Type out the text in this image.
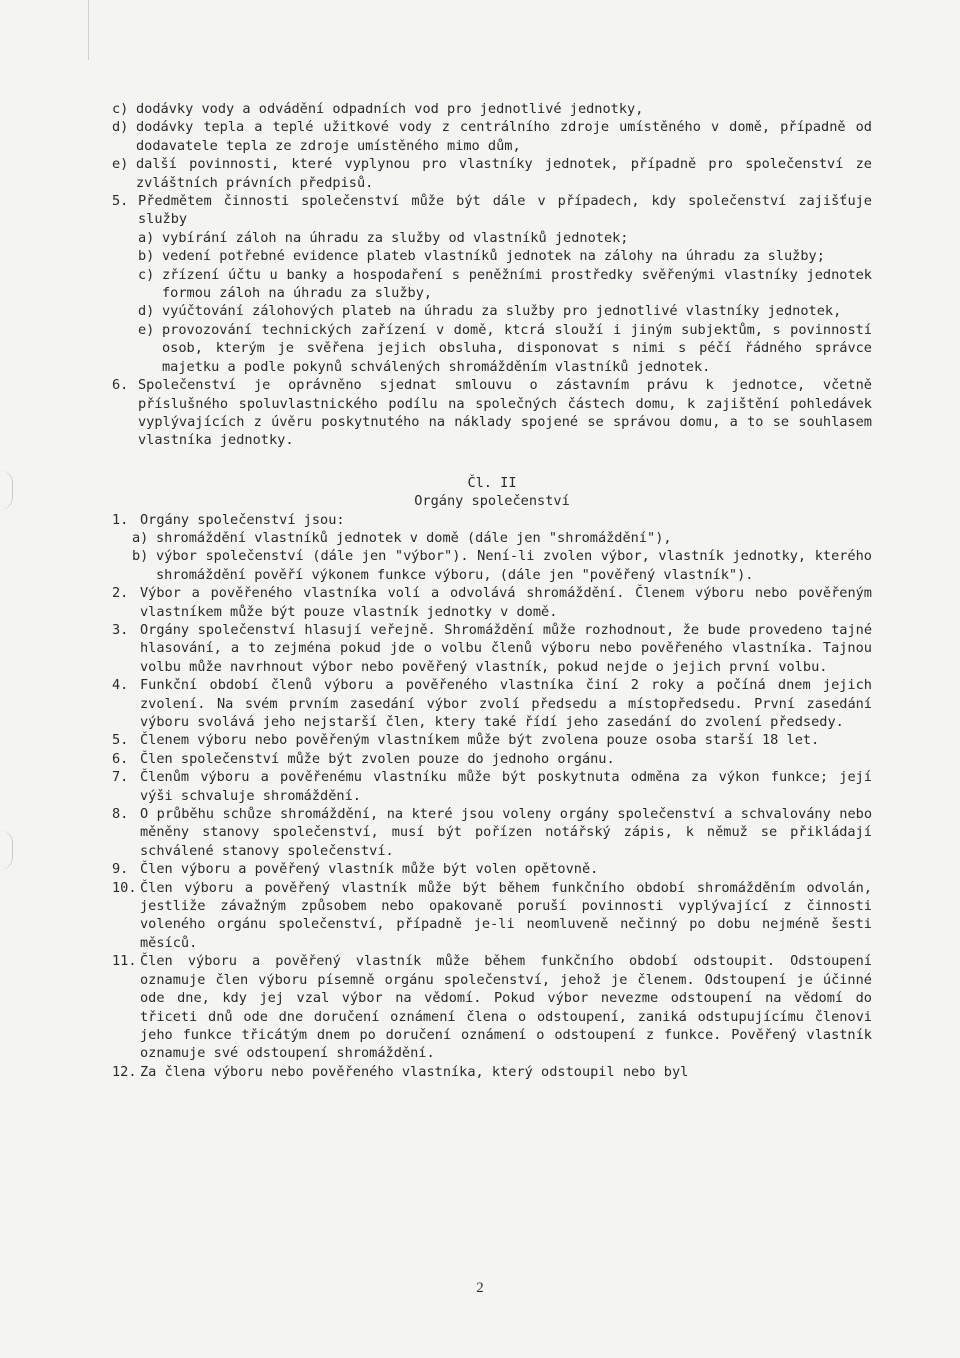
c) dodávky vody a odvádění odpadních vod pro jednotlivé jednotky,
d) dodávky tepla a teplé užitkové vody z centrálního zdroje umístěného v domě, případně od dodavatele tepla ze zdroje umístěného mimo dům,
e) další povinnosti, které vyplynou pro vlastníky jednotek, případně pro společenství ze zvláštních právních předpisů.
5. Předmětem činnosti společenství může být dále v případech, kdy společenství zajišťuje služby
a) vybírání záloh na úhradu za služby od vlastníků jednotek;
b) vedení potřebné evidence plateb vlastníků jednotek na zálohy na úhradu za služby;
c) zřízení účtu u banky a hospodaření s peněžními prostředky svěřenými vlastníky jednotek formou záloh na úhradu za služby,
d) vyúčtování zálohových plateb na úhradu za služby pro jednotlivé vlastníky jednotek,
e) provozování technických zařízení v domě, ktcrá slouží i jiným subjektům, s povinností osob, kterým je svěřena jejich obsluha, disponovat s nimi s péčí řádného správce majetku a podle pokynů schválených shromážděním vlastníků jednotek.
6. Společenství je oprávněno sjednat smlouvu o zástavním právu k jednotce, včetně příslušného spoluvlastnického podílu na společných částech domu, k zajištění pohledávek vyplývajících z úvěru poskytnutého na náklady spojené se správou domu, a to se souhlasem vlastníka jednotky.
Čl. II
Orgány společenství
1. Orgány společenství jsou:
a) shromáždění vlastníků jednotek v domě (dále jen "shromáždění"),
b) výbor společenství (dále jen "výbor"). Není-li zvolen výbor, vlastník jednotky, kterého shromáždění pověří výkonem funkce výboru, (dále jen "pověřený vlastník").
2. Výbor a pověřeného vlastníka volí a odvolává shromáždění. Členem výboru nebo pověřeným vlastníkem může být pouze vlastník jednotky v domě.
3. Orgány společenství hlasují veřejně. Shromáždění může rozhodnout, že bude provedeno tajné hlasování, a to zejména pokud jde o volbu členů výboru nebo pověřeného vlastníka. Tajnou volbu může navrhnout výbor nebo pověřený vlastník, pokud nejde o jejich první volbu.
4. Funkční období členů výboru a pověřeného vlastníka činí 2 roky a počíná dnem jejich zvolení. Na svém prvním zasedání výbor zvolí předsedu a místopředsedu. První zasedání výboru svolává jeho nejstarší člen, ktery také řídí jeho zasedání do zvolení předsedy.
5. Členem výboru nebo pověřeným vlastníkem může být zvolena pouze osoba starší 18 let.
6. Člen společenství může být zvolen pouze do jednoho orgánu.
7. Členům výboru a pověřenému vlastníku může být poskytnuta odměna za výkon funkce; její výši schvaluje shromáždění.
8. O průběhu schůze shromáždění, na které jsou voleny orgány společenství a schvalovány nebo měněny stanovy společenství, musí být pořízen notářský zápis, k němuž se přikládají schválené stanovy společenství.
9. Člen výboru a pověřený vlastník může být volen opětovně.
10. Člen výboru a pověřený vlastník může být během funkčního období shromážděním odvolán, jestliže závažným způsobem nebo opakovaně poruší povinnosti vyplývající z činnosti voleného orgánu společenství, případně je-li neomluveně nečinný po dobu nejméně šesti měsíců.
11. Člen výboru a pověřený vlastník může během funkčního období odstoupit. Odstoupení oznamuje člen výboru písemně orgánu společenství, jehož je členem. Odstoupení je účinné ode dne, kdy jej vzal výbor na vědomí. Pokud výbor nevezme odstoupení na vědomí do třiceti dnů ode dne doručení oznámení člena o odstoupení, zaniká odstupujícímu členovi jeho funkce třicátým dnem po doručení oznámení o odstoupení z funkce. Pověřený vlastník oznamuje své odstoupení shromáždění.
12. Za člena výboru nebo pověřeného vlastníka, který odstoupil nebo byl
2
